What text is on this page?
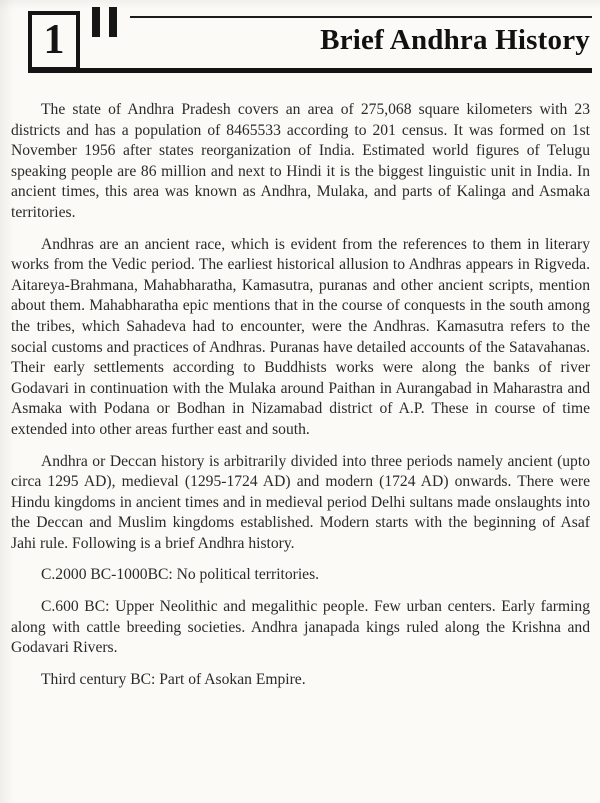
1	Brief Andhra History

The state of Andhra Pradesh covers an area of 275,068 square kilometers with 23 districts and has a population of 8465533 according to 201 census. It was formed on 1st November 1956 after states reorganization of India. Estimated world figures of Telugu speaking people are 86 million and next to Hindi it is the biggest linguistic unit in India. In ancient times, this area was known as Andhra, Mulaka, and parts of Kalinga and Asmaka territories.

Andhras are an ancient race, which is evident from the references to them in literary works from the Vedic period. The earliest historical allusion to Andhras appears in Rigveda. Aitareya-Brahmana, Mahabharatha, Kamasutra, puranas and other ancient scripts, mention about them. Mahabharatha epic mentions that in the course of conquests in the south among the tribes, which Sahadeva had to encounter, were the Andhras. Kamasutra refers to the social customs and practices of Andhras. Puranas have detailed accounts of the Satavahanas. Their early settlements according to Buddhists works were along the banks of river Godavari in continuation with the Mulaka around Paithan in Aurangabad in Maharastra and Asmaka with Podana or Bodhan in Nizamabad district of A.P. These in course of time extended into other areas further east and south.

Andhra or Deccan history is arbitrarily divided into three periods namely ancient (upto circa 1295 AD), medieval (1295-1724 AD) and modern (1724 AD) onwards. There were Hindu kingdoms in ancient times and in medieval period Delhi sultans made onslaughts into the Deccan and Muslim kingdoms established. Modern starts with the beginning of Asaf Jahi rule. Following is a brief Andhra history.

C.2000 BC-1000BC: No political territories.

C.600 BC: Upper Neolithic and megalithic people. Few urban centers. Early farming along with cattle breeding societies. Andhra janapada kings ruled along the Krishna and Godavari Rivers.

Third century BC: Part of Asokan Empire.
